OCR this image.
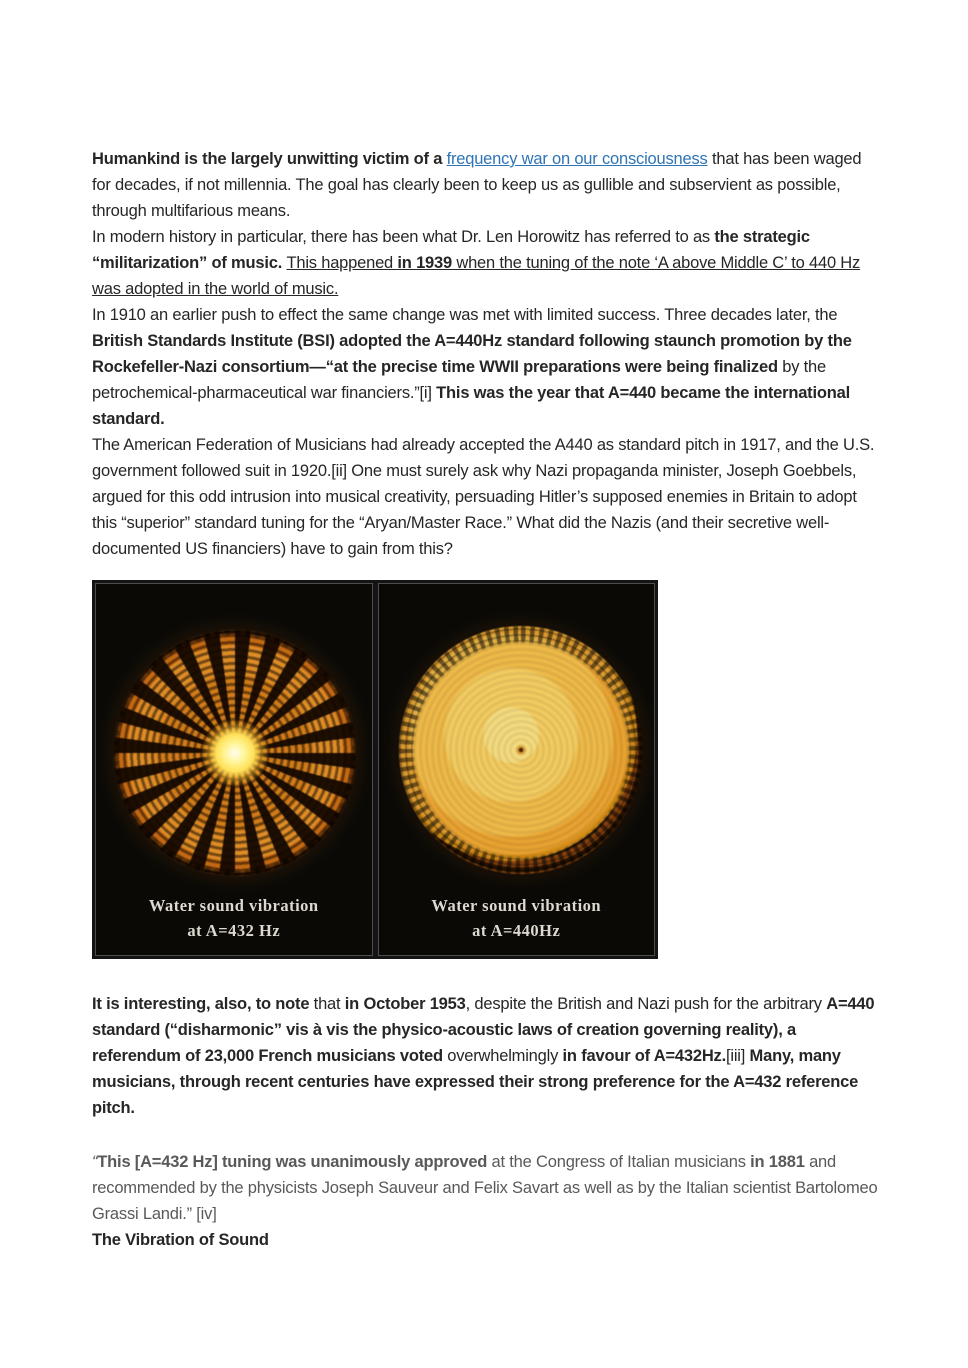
Humankind is the largely unwitting victim of a frequency war on our consciousness that has been waged for decades, if not millennia. The goal has clearly been to keep us as gullible and subservient as possible, through multifarious means.

In modern history in particular, there has been what Dr. Len Horowitz has referred to as the strategic “militarization” of music. This happened in 1939 when the tuning of the note ‘A above Middle C’ to 440 Hz was adopted in the world of music.

In 1910 an earlier push to effect the same change was met with limited success. Three decades later, the British Standards Institute (BSI) adopted the A=440Hz standard following staunch promotion by the Rockefeller-Nazi consortium—“at the precise time WWII preparations were being finalized by the petrochemical-pharmaceutical war financiers.”[i] This was the year that A=440 became the international standard.

The American Federation of Musicians had already accepted the A440 as standard pitch in 1917, and the U.S. government followed suit in 1920.[ii] One must surely ask why Nazi propaganda minister, Joseph Goebbels, argued for this odd intrusion into musical creativity, persuading Hitler’s supposed enemies in Britain to adopt this “superior” standard tuning for the “Aryan/Master Race.” What did the Nazis (and their secretive well-documented US financiers) have to gain from this?

Water sound vibration
at A=432 Hz
Water sound vibration
at A=440Hz

It is interesting, also, to note that in October 1953, despite the British and Nazi push for the arbitrary A=440 standard (“disharmonic” vis à vis the physico-acoustic laws of creation governing reality), a referendum of 23,000 French musicians voted overwhelmingly in favour of A=432Hz.[iii] Many, many musicians, through recent centuries have expressed their strong preference for the A=432 reference pitch.

“This [A=432 Hz] tuning was unanimously approved at the Congress of Italian musicians in 1881 and recommended by the physicists Joseph Sauveur and Felix Savart as well as by the Italian scientist Bartolomeo Grassi Landi.” [iv]

The Vibration of Sound
